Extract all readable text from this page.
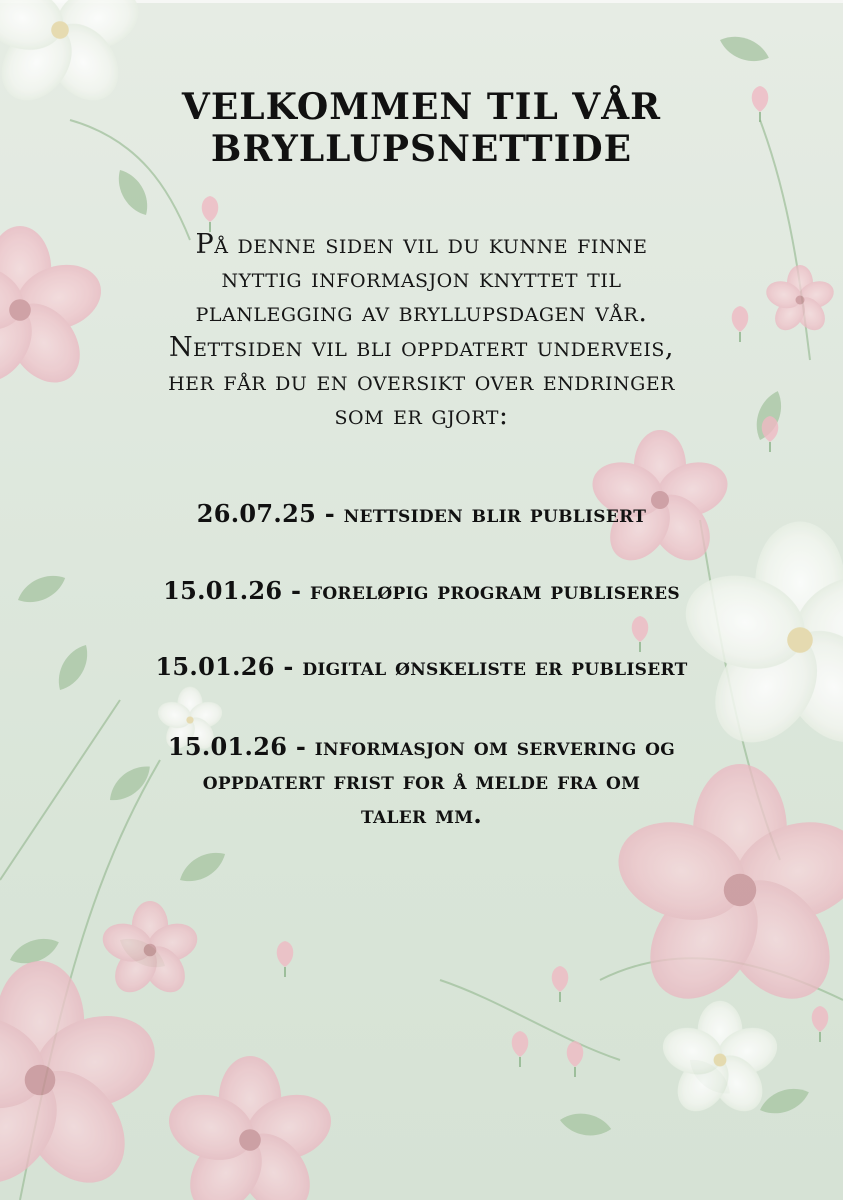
VELKOMMEN TIL VÅR
BRYLLUPSNETTIDE
På denne siden vil du kunne finne
nyttig informasjon knyttet til
planlegging av bryllupsdagen vår.
Nettsiden vil bli oppdatert underveis,
her får du en oversikt over endringer
som er gjort:
26.07.25 - nettsiden blir publisert
15.01.26 - foreløpig program publiseres
15.01.26 - digital ønskeliste er publisert
15.01.26 - informasjon om servering og
oppdatert frist for å melde fra om
taler mm.
